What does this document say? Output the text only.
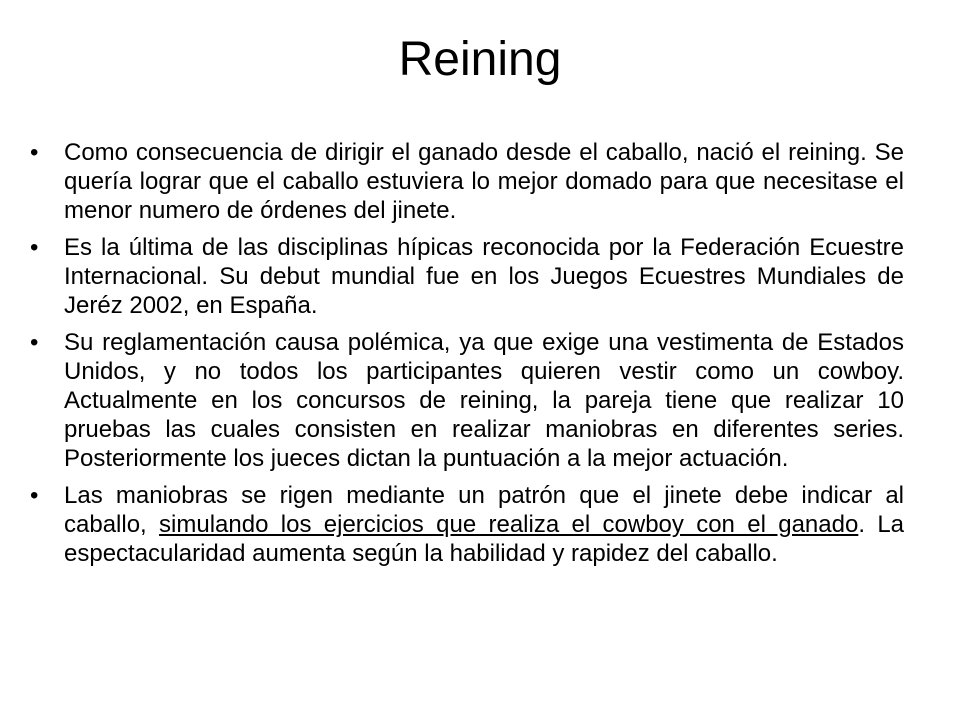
Reining
•	Como consecuencia de dirigir el ganado desde el caballo, nació el reining. Se quería lograr que el caballo estuviera lo mejor domado para que necesitase el menor numero de órdenes del jinete.
•	Es la última de las disciplinas hípicas reconocida por la Federación Ecuestre Internacional. Su debut mundial fue en los Juegos Ecuestres Mundiales de Jeréz 2002, en España.
•	Su reglamentación causa polémica, ya que exige una vestimenta de Estados Unidos, y no todos los participantes quieren vestir como un cowboy. Actualmente en los concursos de reining, la pareja tiene que realizar 10 pruebas las cuales consisten en realizar maniobras en diferentes series. Posteriormente los jueces dictan la puntuación a la mejor actuación.
•	Las maniobras se rigen mediante un patrón que el jinete debe indicar al caballo, simulando los ejercicios que realiza el cowboy con el ganado. La espectacularidad aumenta según la habilidad y rapidez del caballo.
